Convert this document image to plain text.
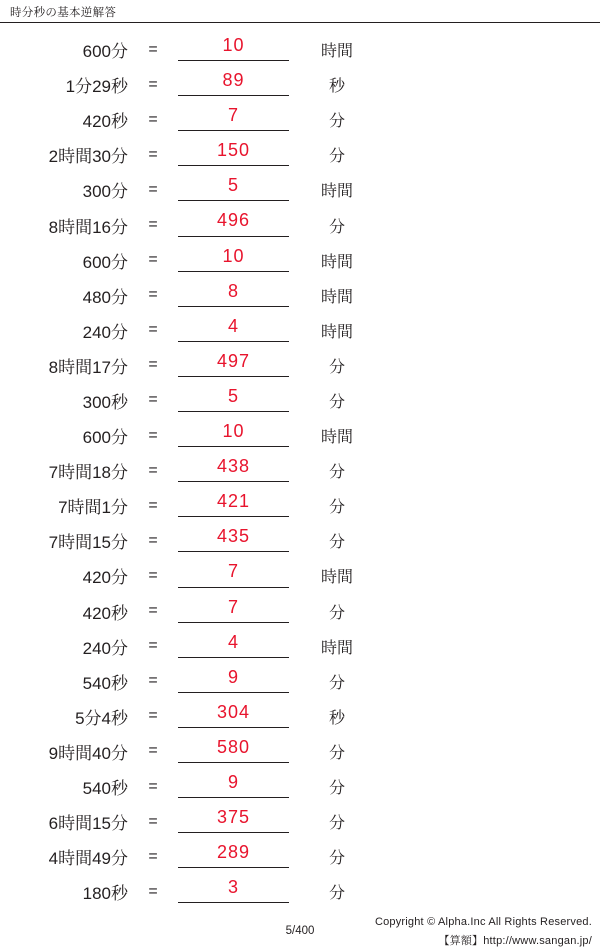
時分秒の基本逆解答
600分	=	10	時間
1分29秒	=	89	秒
420秒	=	7	分
2時間30分	=	150	分
300分	=	5	時間
8時間16分	=	496	分
600分	=	10	時間
480分	=	8	時間
240分	=	4	時間
8時間17分	=	497	分
300秒	=	5	分
600分	=	10	時間
7時間18分	=	438	分
7時間1分	=	421	分
7時間15分	=	435	分
420分	=	7	時間
420秒	=	7	分
240分	=	4	時間
540秒	=	9	分
5分4秒	=	304	秒
9時間40分	=	580	分
540秒	=	9	分
6時間15分	=	375	分
4時間49分	=	289	分
180秒	=	3	分
5/400
Copyright © Alpha.Inc All Rights Reserved.
【算額】http://www.sangan.jp/
